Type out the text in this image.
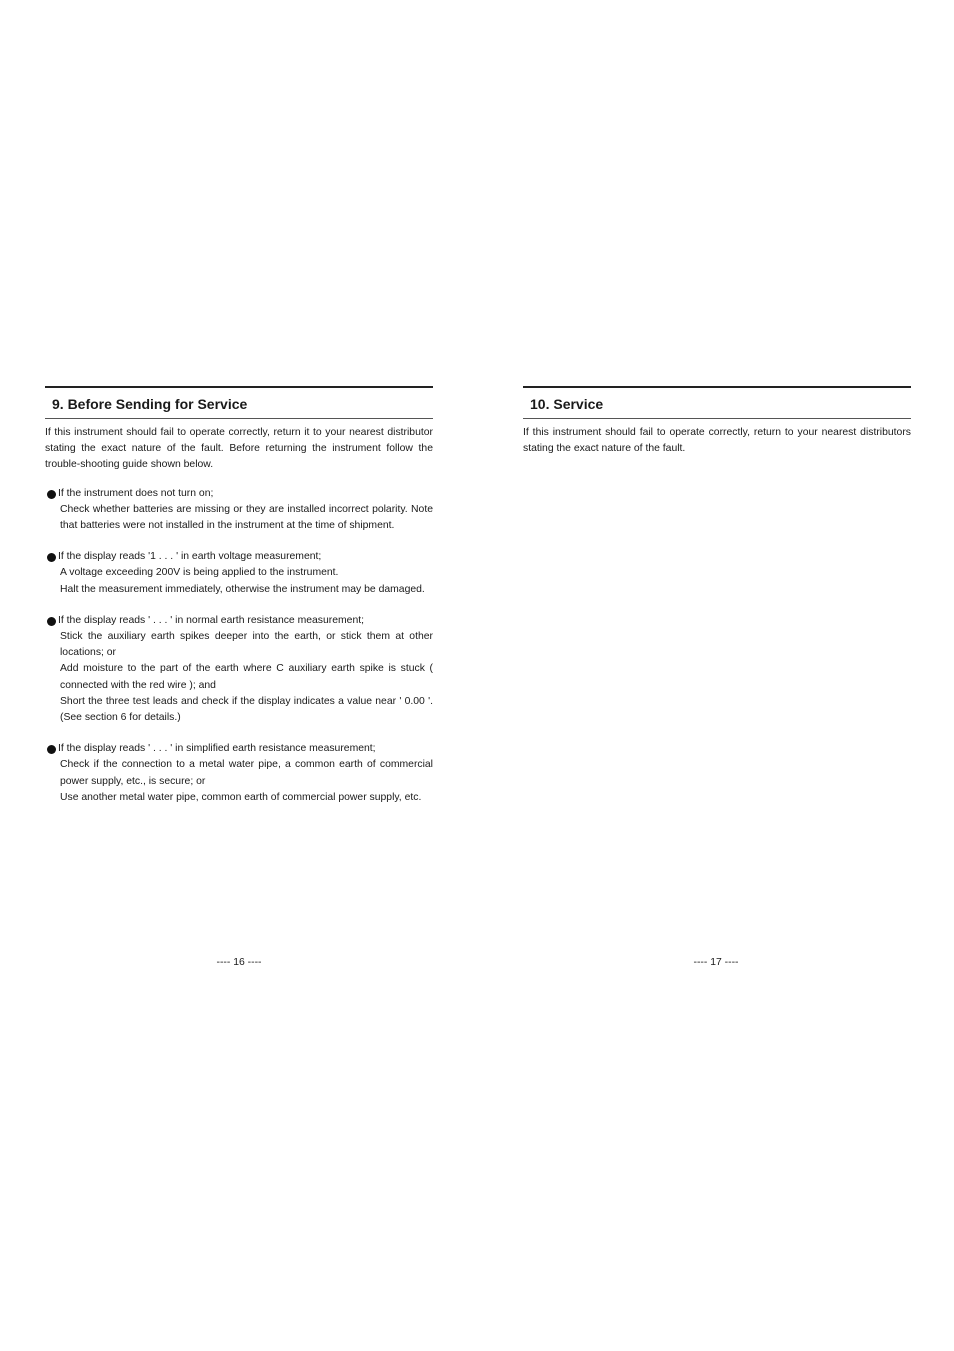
9. Before Sending for Service

If this instrument should fail to operate correctly, return it to your nearest distributor stating the exact nature of the fault. Before returning the instrument follow the trouble-shooting guide shown below.

If the instrument does not turn on;

Check whether batteries are missing or they are installed incorrect polarity. Note that batteries were not installed in the instrument at the time of shipment.

If the display reads '1 . . . ' in earth voltage measurement;

A voltage exceeding 200V is being applied to the instrument.

Halt the measurement immediately, otherwise the instrument may be damaged.

If the display reads ' . . . ' in normal earth resistance measurement;

Stick the auxiliary earth spikes deeper into the earth, or stick them at other locations; or

Add moisture to the part of the earth where C auxiliary earth spike is stuck ( connected with the red wire ); and

Short the three test leads and check if the display indicates a value near ' 0.00 '. (See section 6 for details.)

If the display reads ' . . . ' in simplified earth resistance measurement;

Check if the connection to a metal water pipe, a common earth of commercial power supply, etc., is secure; or

Use another metal water pipe, common earth of commercial power supply, etc.

---- 16 ----
10. Service

If this instrument should fail to operate correctly, return to your nearest distributors stating the exact nature of the fault.

---- 17 ----
